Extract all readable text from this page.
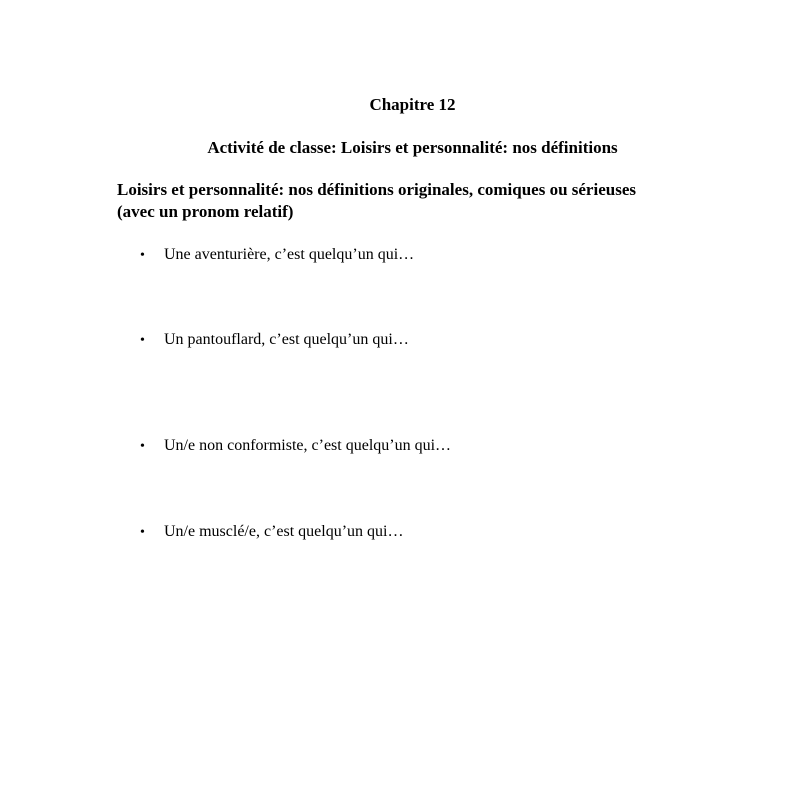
Chapitre 12
Activité de classe: Loisirs et personnalité: nos définitions
Loisirs et personnalité: nos définitions originales, comiques ou sérieuses
(avec un pronom relatif)
• Une aventurière, c’est quelqu’un qui…
• Un pantouflard, c’est quelqu’un qui…
• Un/e non conformiste, c’est quelqu’un qui…
• Un/e musclé/e, c’est quelqu’un qui…
